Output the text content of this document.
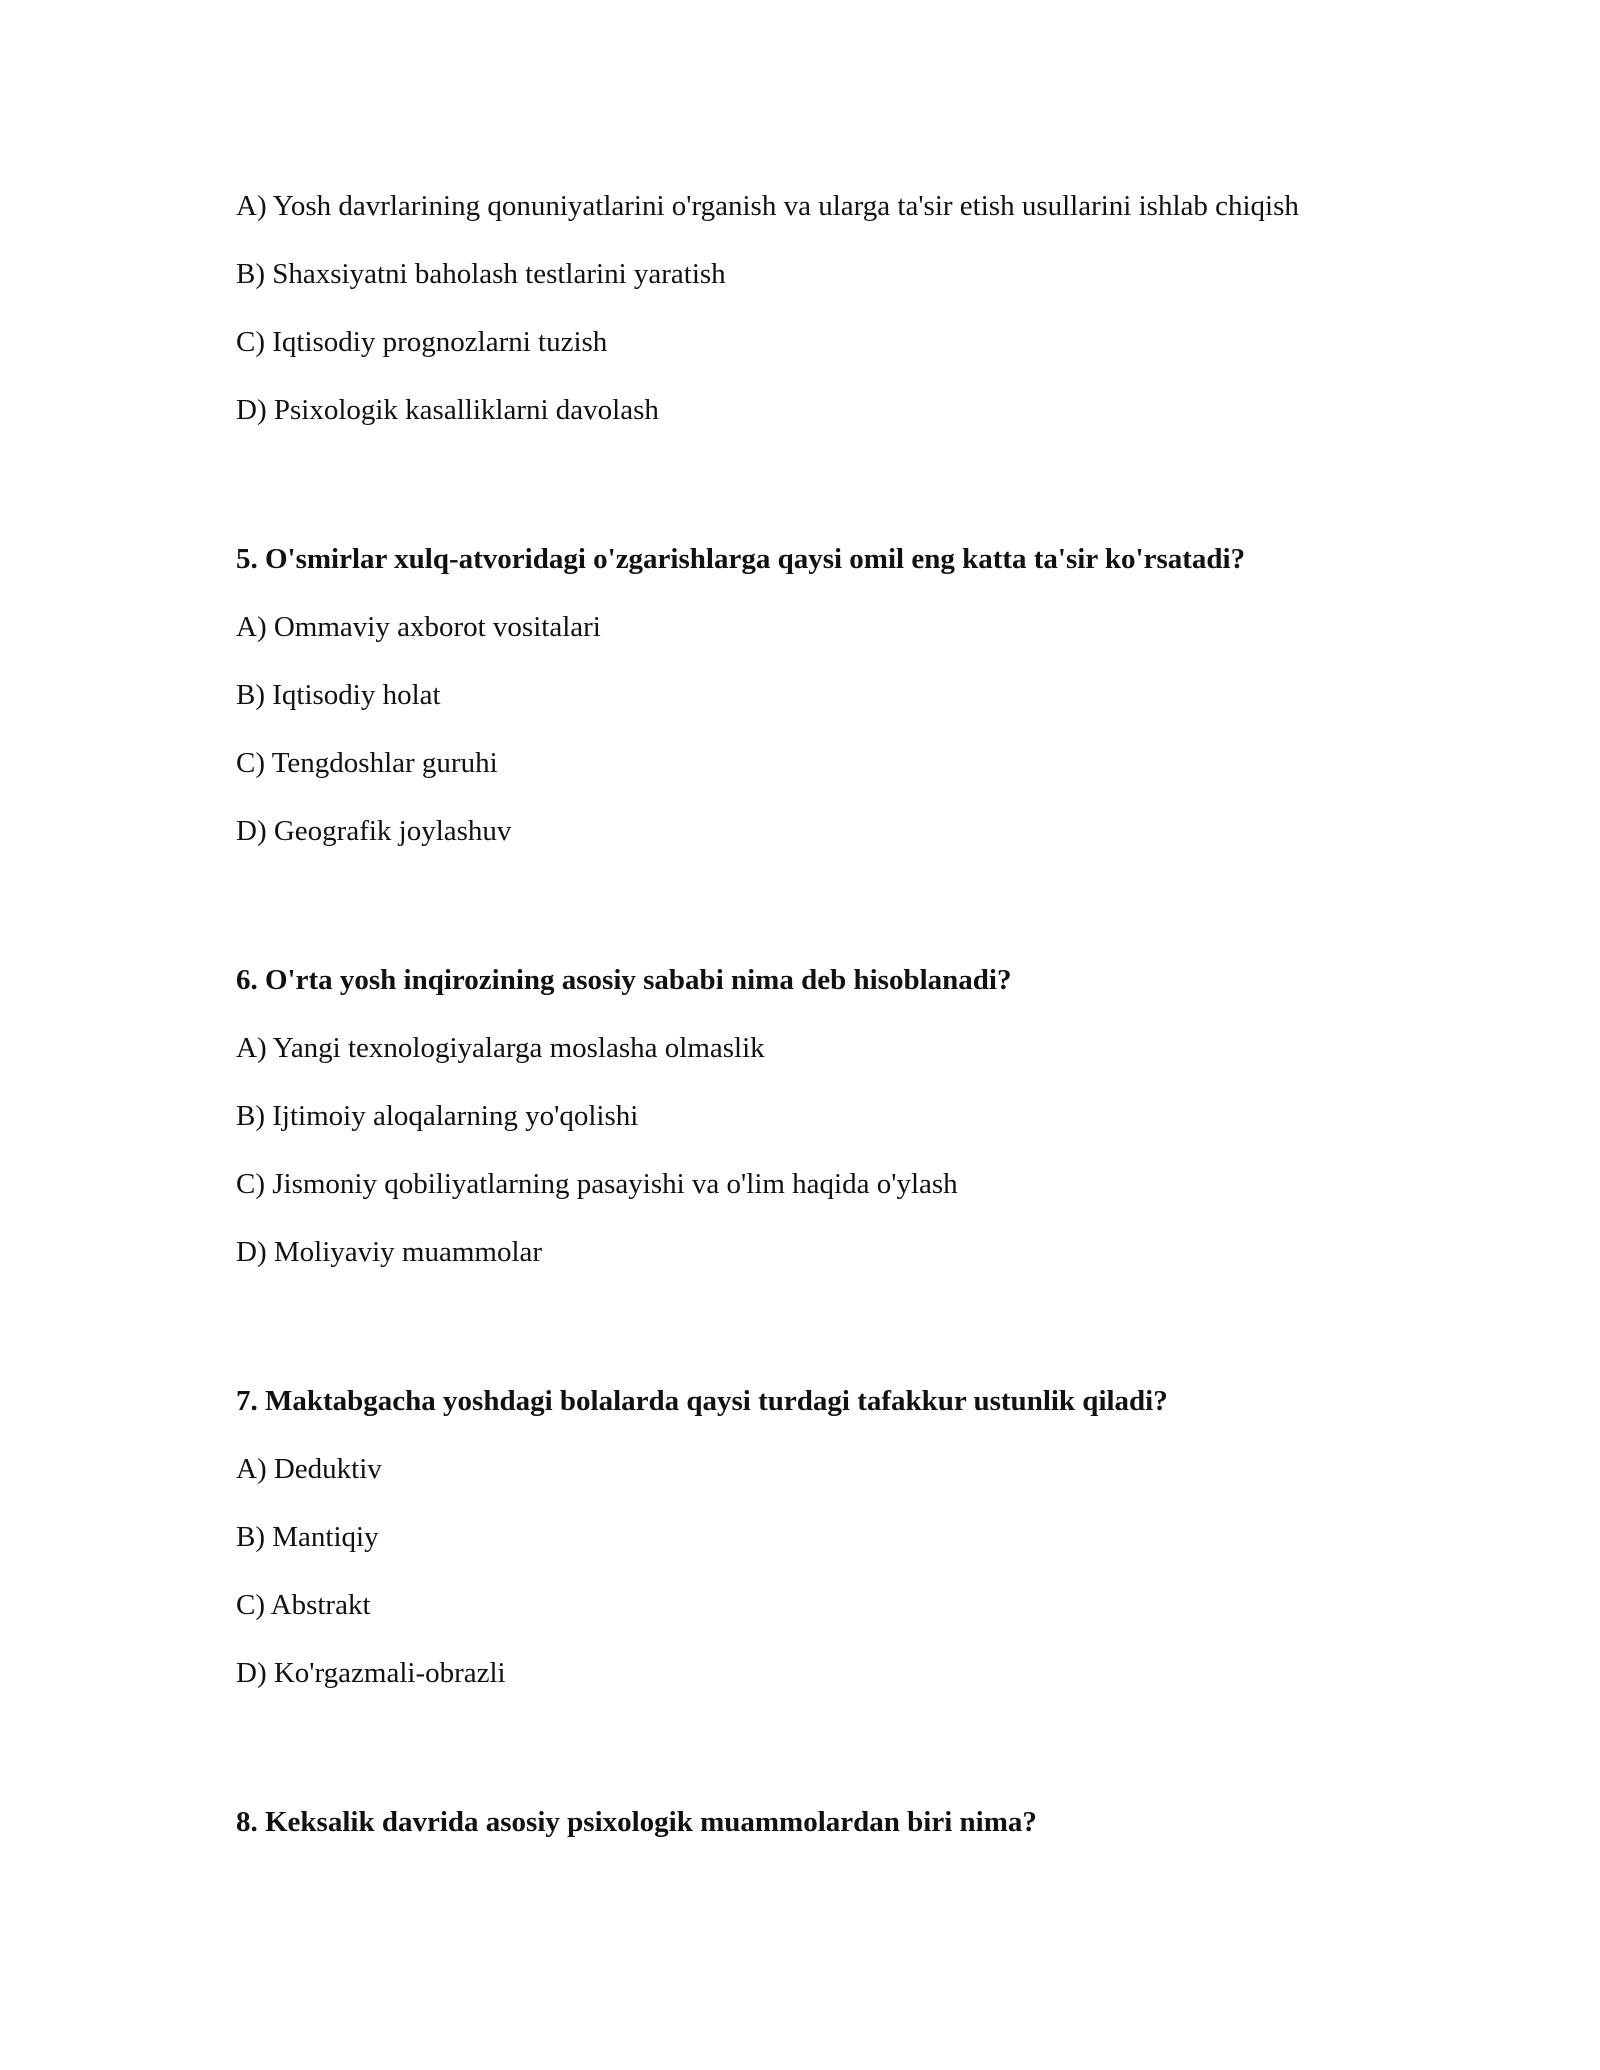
A) Yosh davrlarining qonuniyatlarini o'rganish va ularga ta'sir etish usullarini ishlab chiqish

B) Shaxsiyatni baholash testlarini yaratish

C) Iqtisodiy prognozlarni tuzish

D) Psixologik kasalliklarni davolash

5. O'smirlar xulq-atvoridagi o'zgarishlarga qaysi omil eng katta ta'sir ko'rsatadi?

A) Ommaviy axborot vositalari

B) Iqtisodiy holat

C) Tengdoshlar guruhi

D) Geografik joylashuv

6. O'rta yosh inqirozining asosiy sababi nima deb hisoblanadi?

A) Yangi texnologiyalarga moslasha olmaslik

B) Ijtimoiy aloqalarning yo'qolishi

C) Jismoniy qobiliyatlarning pasayishi va o'lim haqida o'ylash

D) Moliyaviy muammolar

7. Maktabgacha yoshdagi bolalarda qaysi turdagi tafakkur ustunlik qiladi?

A) Deduktiv

B) Mantiqiy

C) Abstrakt

D) Ko'rgazmali-obrazli

8. Keksalik davrida asosiy psixologik muammolardan biri nima?
